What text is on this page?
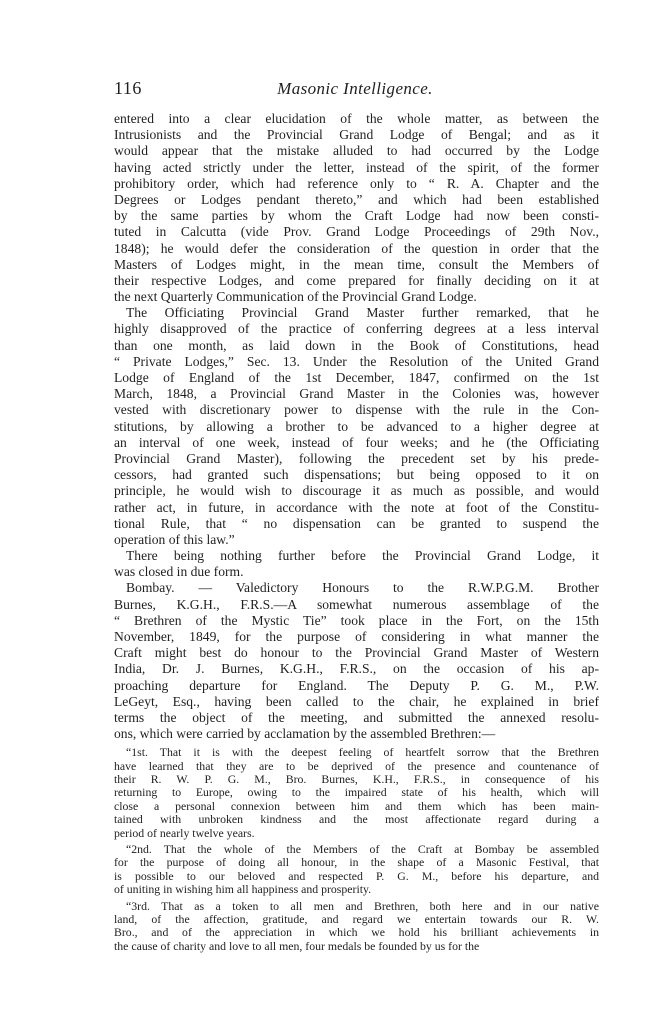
116	Masonic Intelligence.
entered into a clear elucidation of the whole matter, as between the
Intrusionists and the Provincial Grand Lodge of Bengal; and as it
would appear that the mistake alluded to had occurred by the Lodge
having acted strictly under the letter, instead of the spirit, of the former
prohibitory order, which had reference only to “ R. A. Chapter and the
Degrees or Lodges pendant thereto,” and which had been established
by the same parties by whom the Craft Lodge had now been consti-
tuted in Calcutta (vide Prov. Grand Lodge Proceedings of 29th Nov.,
1848); he would defer the consideration of the question in order that the
Masters of Lodges might, in the mean time, consult the Members of
their respective Lodges, and come prepared for finally deciding on it at
the next Quarterly Communication of the Provincial Grand Lodge.
The Officiating Provincial Grand Master further remarked, that he
highly disapproved of the practice of conferring degrees at a less interval
than one month, as laid down in the Book of Constitutions, head
“ Private Lodges,” Sec. 13. Under the Resolution of the United Grand
Lodge of England of the 1st December, 1847, confirmed on the 1st
March, 1848, a Provincial Grand Master in the Colonies was, however
vested with discretionary power to dispense with the rule in the Con-
stitutions, by allowing a brother to be advanced to a higher degree at
an interval of one week, instead of four weeks; and he (the Officiating
Provincial Grand Master), following the precedent set by his prede-
cessors, had granted such dispensations; but being opposed to it on
principle, he would wish to discourage it as much as possible, and would
rather act, in future, in accordance with the note at foot of the Constitu-
tional Rule, that “ no dispensation can be granted to suspend the
operation of this law.”
There being nothing further before the Provincial Grand Lodge, it
was closed in due form.
Bombay. — Valedictory Honours to the R.W.P.G.M. Brother
Burnes, K.G.H., F.R.S.—A somewhat numerous assemblage of the
“ Brethren of the Mystic Tie” took place in the Fort, on the 15th
November, 1849, for the purpose of considering in what manner the
Craft might best do honour to the Provincial Grand Master of Western
India, Dr. J. Burnes, K.G.H., F.R.S., on the occasion of his ap-
proaching departure for England. The Deputy P. G. M., P.W.
LeGeyt, Esq., having been called to the chair, he explained in brief
terms the object of the meeting, and submitted the annexed resolu-
ons, which were carried by acclamation by the assembled Brethren:—
“1st. That it is with the deepest feeling of heartfelt sorrow that the Brethren
have learned that they are to be deprived of the presence and countenance of
their R. W. P. G. M., Bro. Burnes, K.H., F.R.S., in consequence of his
returning to Europe, owing to the impaired state of his health, which will
close a personal connexion between him and them which has been main-
tained with unbroken kindness and the most affectionate regard during a
period of nearly twelve years.
“2nd. That the whole of the Members of the Craft at Bombay be assembled
for the purpose of doing all honour, in the shape of a Masonic Festival, that
is possible to our beloved and respected P. G. M., before his departure, and
of uniting in wishing him all happiness and prosperity.
“3rd. That as a token to all men and Brethren, both here and in our native
land, of the affection, gratitude, and regard we entertain towards our R. W.
Bro., and of the appreciation in which we hold his brilliant achievements in
the cause of charity and love to all men, four medals be founded by us for the
